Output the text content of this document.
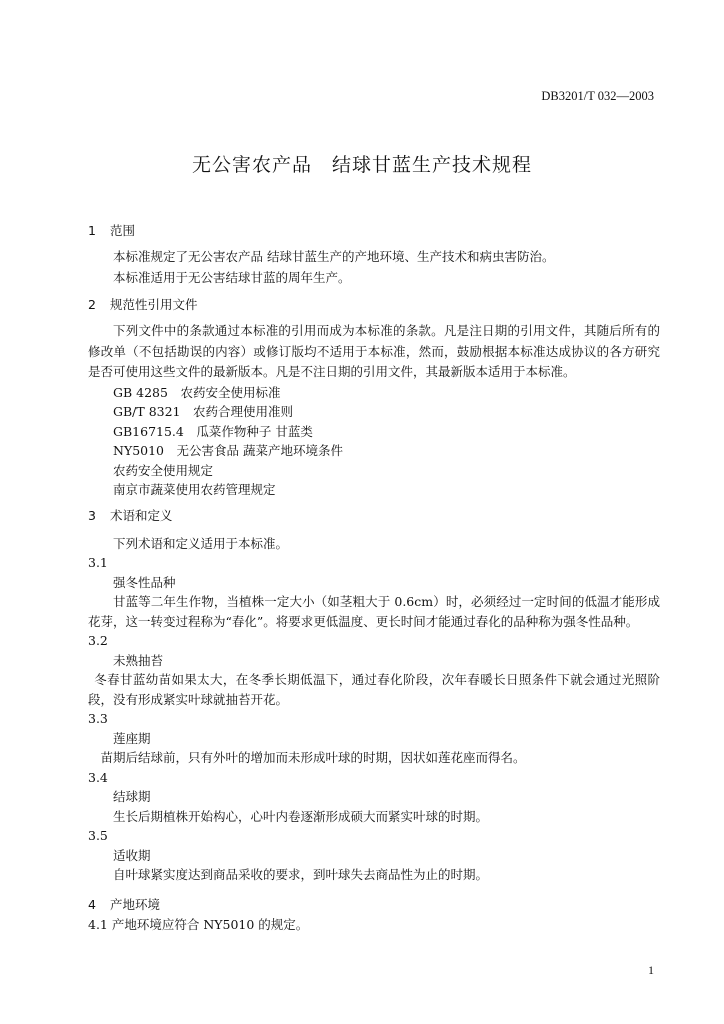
DB3201/T 032—2003
无公害农产品　结球甘蓝生产技术规程
1 范围
本标准规定了无公害农产品 结球甘蓝生产的产地环境、生产技术和病虫害防治。
本标准适用于无公害结球甘蓝的周年生产。
2 规范性引用文件
下列文件中的条款通过本标准的引用而成为本标准的条款。凡是注日期的引用文件，其随后所有的修改单（不包括勘误的内容）或修订版均不适用于本标准，然而，鼓励根据本标准达成协议的各方研究是否可使用这些文件的最新版本。凡是不注日期的引用文件，其最新版本适用于本标准。
GB 4285　农药安全使用标准
GB/T 8321　农药合理使用准则
GB16715.4　瓜菜作物种子 甘蓝类
NY5010　无公害食品 蔬菜产地环境条件
农药安全使用规定
南京市蔬菜使用农药管理规定
3 术语和定义
下列术语和定义适用于本标准。
3.1
强冬性品种
甘蓝等二年生作物，当植株一定大小（如茎粗大于 0.6cm）时，必须经过一定时间的低温才能形成花芽，这一转变过程称为“春化”。将要求更低温度、更长时间才能通过春化的品种称为强冬性品种。
3.2
未熟抽苔
冬春甘蓝幼苗如果太大，在冬季长期低温下，通过春化阶段，次年春暖长日照条件下就会通过光照阶段，没有形成紧实叶球就抽苔开花。
3.3
莲座期
苗期后结球前，只有外叶的增加而未形成叶球的时期，因状如莲花座而得名。
3.4
结球期
生长后期植株开始构心，心叶内卷逐渐形成硕大而紧实叶球的时期。
3.5
适收期
自叶球紧实度达到商品采收的要求，到叶球失去商品性为止的时期。
4 产地环境
4.1 产地环境应符合 NY5010 的规定。
1
